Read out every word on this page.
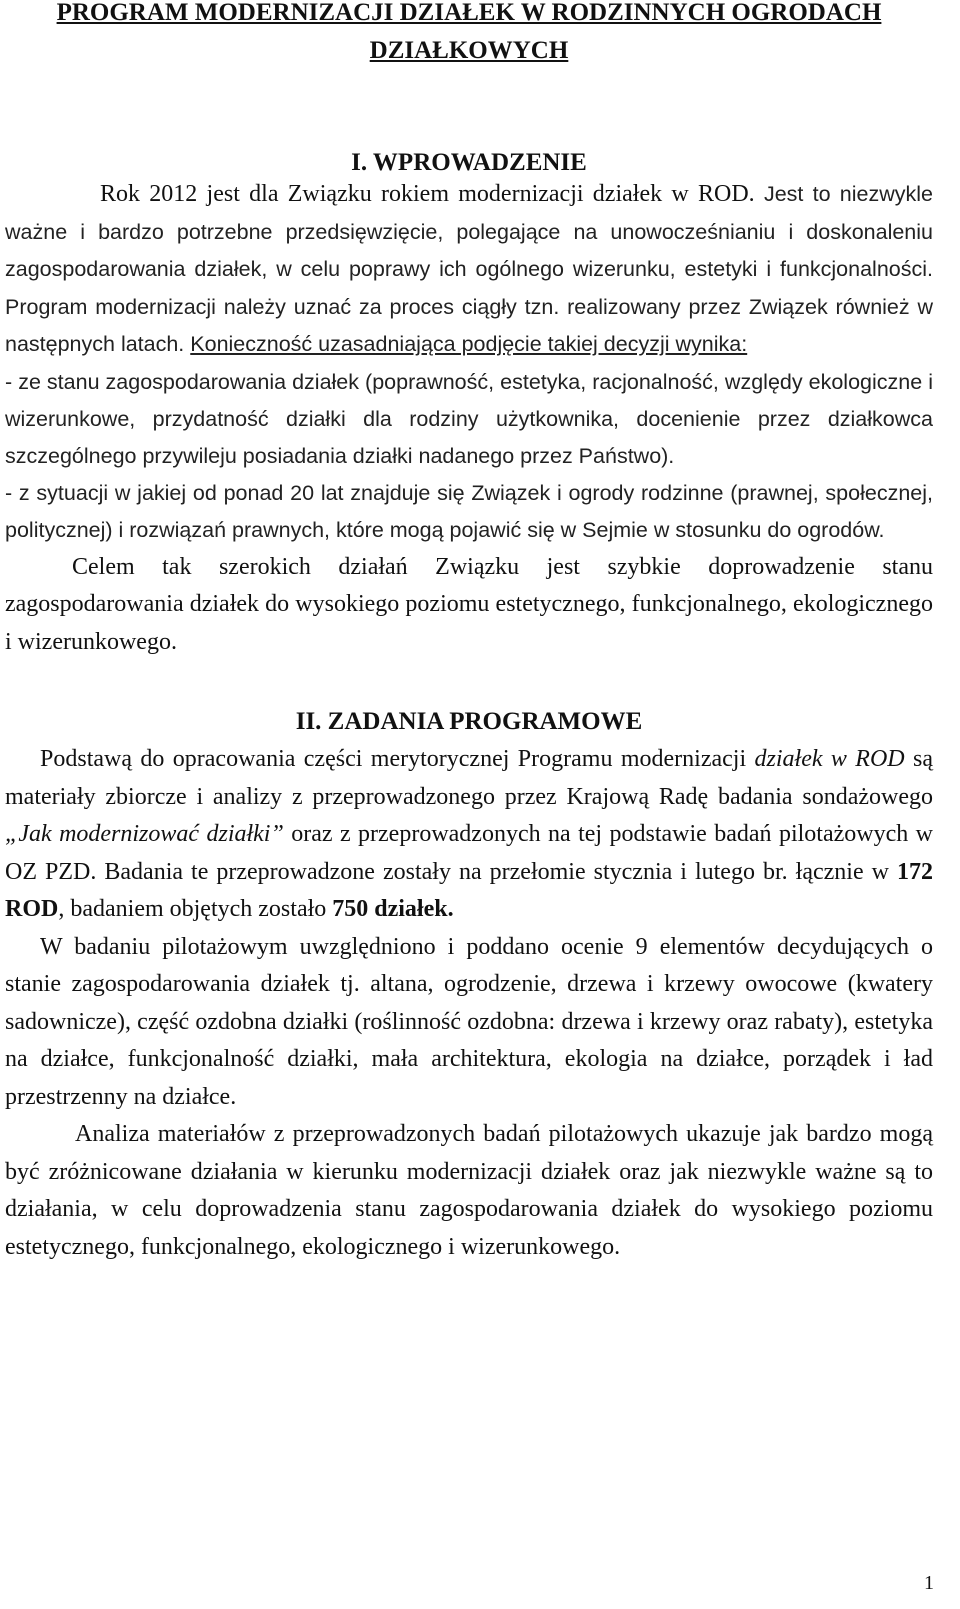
PROGRAM MODERNIZACJI DZIAŁEK W RODZINNYCH OGRODACH DZIAŁKOWYCH
I. WPROWADZENIE

Rok 2012 jest dla Związku rokiem modernizacji działek w ROD. Jest to niezwykle ważne i bardzo potrzebne przedsięwzięcie, polegające na unowocześnianiu i doskonaleniu zagospodarowania działek, w celu poprawy ich ogólnego wizerunku, estetyki i funkcjonalności. Program modernizacji należy uznać za proces ciągły tzn. realizowany przez Związek również w następnych latach. Konieczność uzasadniająca podjęcie takiej decyzji wynika:

- ze stanu zagospodarowania działek (poprawność, estetyka, racjonalność, względy ekologiczne i wizerunkowe, przydatność działki dla rodziny użytkownika, docenienie przez działkowca szczególnego przywileju posiadania działki nadanego przez Państwo).

- z sytuacji w jakiej od ponad 20 lat znajduje się Związek i ogrody rodzinne (prawnej, społecznej, politycznej) i rozwiązań prawnych, które mogą pojawić się w Sejmie w stosunku do ogrodów.

Celem tak szerokich działań Związku jest szybkie doprowadzenie stanu zagospodarowania działek do wysokiego poziomu estetycznego, funkcjonalnego, ekologicznego i wizerunkowego.

II. ZADANIA PROGRAMOWE

Podstawą do opracowania części merytorycznej Programu modernizacji działek w ROD są materiały zbiorcze i analizy z przeprowadzonego przez Krajową Radę badania sondażowego „Jak modernizować działki” oraz z przeprowadzonych na tej podstawie badań pilotażowych w OZ PZD. Badania te przeprowadzone zostały na przełomie stycznia i lutego br. łącznie w 172 ROD, badaniem objętych zostało 750 działek.

W badaniu pilotażowym uwzględniono i poddano ocenie 9 elementów decydujących o stanie zagospodarowania działek tj. altana, ogrodzenie, drzewa i krzewy owocowe (kwatery sadownicze), część ozdobna działki (roślinność ozdobna: drzewa i krzewy oraz rabaty), estetyka na działce, funkcjonalność działki, mała architektura, ekologia na działce, porządek i ład przestrzenny na działce.

Analiza materiałów z przeprowadzonych badań pilotażowych ukazuje jak bardzo mogą być zróżnicowane działania w kierunku modernizacji działek oraz jak niezwykle ważne są to działania, w celu doprowadzenia stanu zagospodarowania działek do wysokiego poziomu estetycznego, funkcjonalnego, ekologicznego i wizerunkowego.

1
